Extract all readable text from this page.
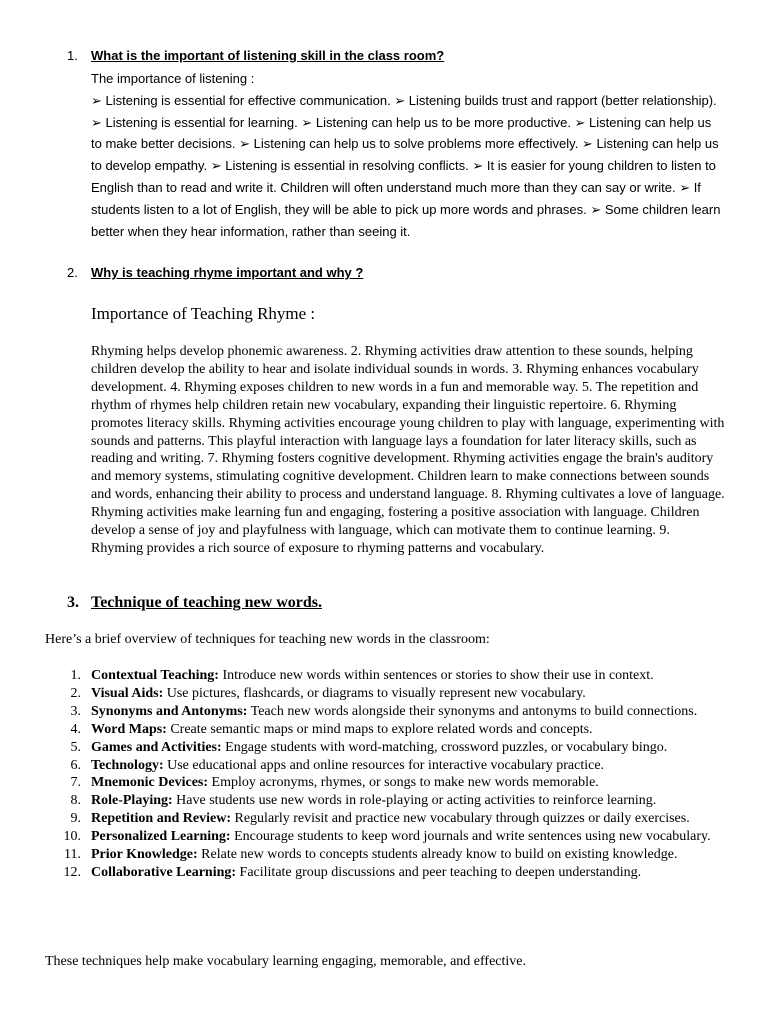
1. What is the important of listening skill in the class room?
The importance of listening :
➢ Listening is essential for effective communication. ➢ Listening builds trust and rapport (better relationship). ➢ Listening is essential for learning. ➢ Listening can help us to be more productive. ➢ Listening can help us to make better decisions. ➢ Listening can help us to solve problems more effectively. ➢ Listening can help us to develop empathy. ➢ Listening is essential in resolving conflicts. ➢ It is easier for young children to listen to English than to read and write it. Children will often understand much more than they can say or write. ➢ If students listen to a lot of English, they will be able to pick up more words and phrases. ➢ Some children learn better when they hear information, rather than seeing it.
2. Why is teaching rhyme important and why ?
Importance of Teaching Rhyme :
Rhyming helps develop phonemic awareness. 2. Rhyming activities draw attention to these sounds, helping children develop the ability to hear and isolate individual sounds in words. 3. Rhyming enhances vocabulary development. 4. Rhyming exposes children to new words in a fun and memorable way. 5. The repetition and rhythm of rhymes help children retain new vocabulary, expanding their linguistic repertoire. 6. Rhyming promotes literacy skills. Rhyming activities encourage young children to play with language, experimenting with sounds and patterns. This playful interaction with language lays a foundation for later literacy skills, such as reading and writing. 7. Rhyming fosters cognitive development. Rhyming activities engage the brain's auditory and memory systems, stimulating cognitive development. Children learn to make connections between sounds and words, enhancing their ability to process and understand language. 8. Rhyming cultivates a love of language. Rhyming activities make learning fun and engaging, fostering a positive association with language. Children develop a sense of joy and playfulness with language, which can motivate them to continue learning. 9. Rhyming provides a rich source of exposure to rhyming patterns and vocabulary.
3. Technique of teaching new words.
Here’s a brief overview of techniques for teaching new words in the classroom:
1. Contextual Teaching: Introduce new words within sentences or stories to show their use in context.
2. Visual Aids: Use pictures, flashcards, or diagrams to visually represent new vocabulary.
3. Synonyms and Antonyms: Teach new words alongside their synonyms and antonyms to build connections.
4. Word Maps: Create semantic maps or mind maps to explore related words and concepts.
5. Games and Activities: Engage students with word-matching, crossword puzzles, or vocabulary bingo.
6. Technology: Use educational apps and online resources for interactive vocabulary practice.
7. Mnemonic Devices: Employ acronyms, rhymes, or songs to make new words memorable.
8. Role-Playing: Have students use new words in role-playing or acting activities to reinforce learning.
9. Repetition and Review: Regularly revisit and practice new vocabulary through quizzes or daily exercises.
10. Personalized Learning: Encourage students to keep word journals and write sentences using new vocabulary.
11. Prior Knowledge: Relate new words to concepts students already know to build on existing knowledge.
12. Collaborative Learning: Facilitate group discussions and peer teaching to deepen understanding.
These techniques help make vocabulary learning engaging, memorable, and effective.
